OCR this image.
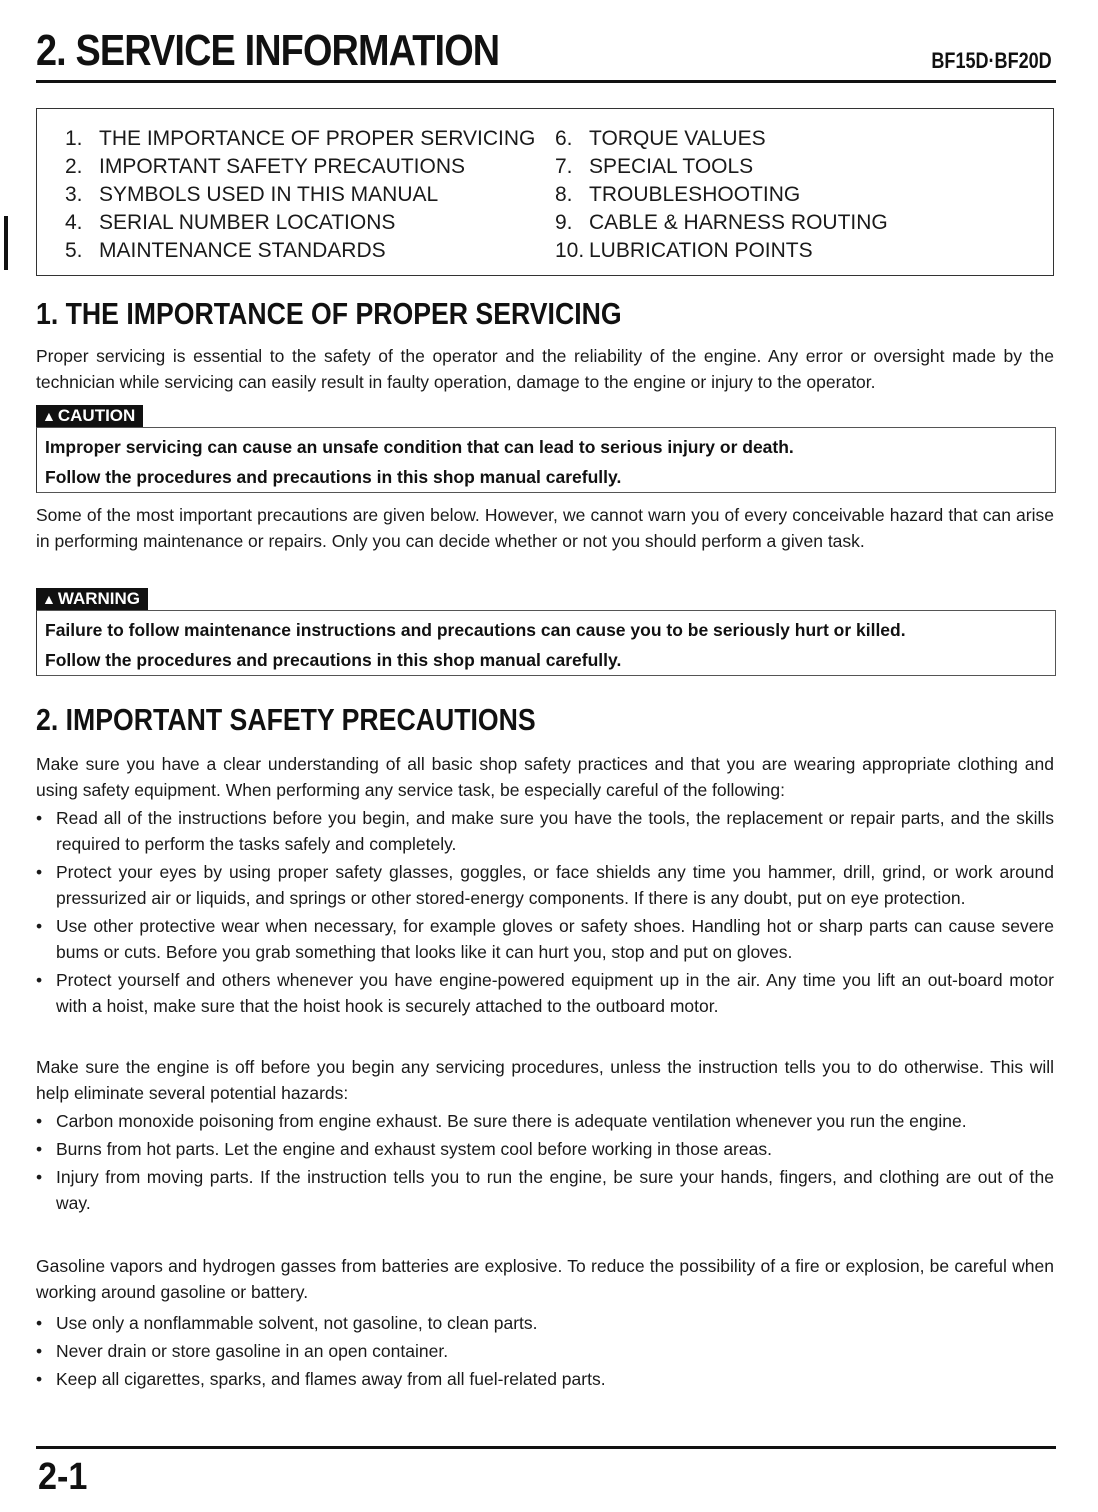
2. SERVICE INFORMATION	BF15D·BF20D
1. THE IMPORTANCE OF PROPER SERVICING
2. IMPORTANT SAFETY PRECAUTIONS
3. SYMBOLS USED IN THIS MANUAL
4. SERIAL NUMBER LOCATIONS
5. MAINTENANCE STANDARDS
6. TORQUE VALUES
7. SPECIAL TOOLS
8. TROUBLESHOOTING
9. CABLE & HARNESS ROUTING
10. LUBRICATION POINTS
1. THE IMPORTANCE OF PROPER SERVICING
Proper servicing is essential to the safety of the operator and the reliability of the engine. Any error or oversight made by the technician while servicing can easily result in faulty operation, damage to the engine or injury to the operator.
▲ CAUTION
Improper servicing can cause an unsafe condition that can lead to serious injury or death.
Follow the procedures and precautions in this shop manual carefully.
Some of the most important precautions are given below. However, we cannot warn you of every conceivable hazard that can arise in performing maintenance or repairs. Only you can decide whether or not you should perform a given task.
▲ WARNING
Failure to follow maintenance instructions and precautions can cause you to be seriously hurt or killed.
Follow the procedures and precautions in this shop manual carefully.
2. IMPORTANT SAFETY PRECAUTIONS
Make sure you have a clear understanding of all basic shop safety practices and that you are wearing appropriate clothing and using safety equipment. When performing any service task, be especially careful of the following:
• Read all of the instructions before you begin, and make sure you have the tools, the replacement or repair parts, and the skills required to perform the tasks safely and completely.
• Protect your eyes by using proper safety glasses, goggles, or face shields any time you hammer, drill, grind, or work around pressurized air or liquids, and springs or other stored-energy components. If there is any doubt, put on eye protection.
• Use other protective wear when necessary, for example gloves or safety shoes. Handling hot or sharp parts can cause severe bums or cuts. Before you grab something that looks like it can hurt you, stop and put on gloves.
• Protect yourself and others whenever you have engine-powered equipment up in the air. Any time you lift an out-board motor with a hoist, make sure that the hoist hook is securely attached to the outboard motor.
Make sure the engine is off before you begin any servicing procedures, unless the instruction tells you to do otherwise. This will help eliminate several potential hazards:
• Carbon monoxide poisoning from engine exhaust. Be sure there is adequate ventilation whenever you run the engine.
• Burns from hot parts. Let the engine and exhaust system cool before working in those areas.
• Injury from moving parts. If the instruction tells you to run the engine, be sure your hands, fingers, and clothing are out of the way.
Gasoline vapors and hydrogen gasses from batteries are explosive. To reduce the possibility of a fire or explosion, be careful when working around gasoline or battery.
• Use only a nonflammable solvent, not gasoline, to clean parts.
• Never drain or store gasoline in an open container.
• Keep all cigarettes, sparks, and flames away from all fuel-related parts.
2-1
